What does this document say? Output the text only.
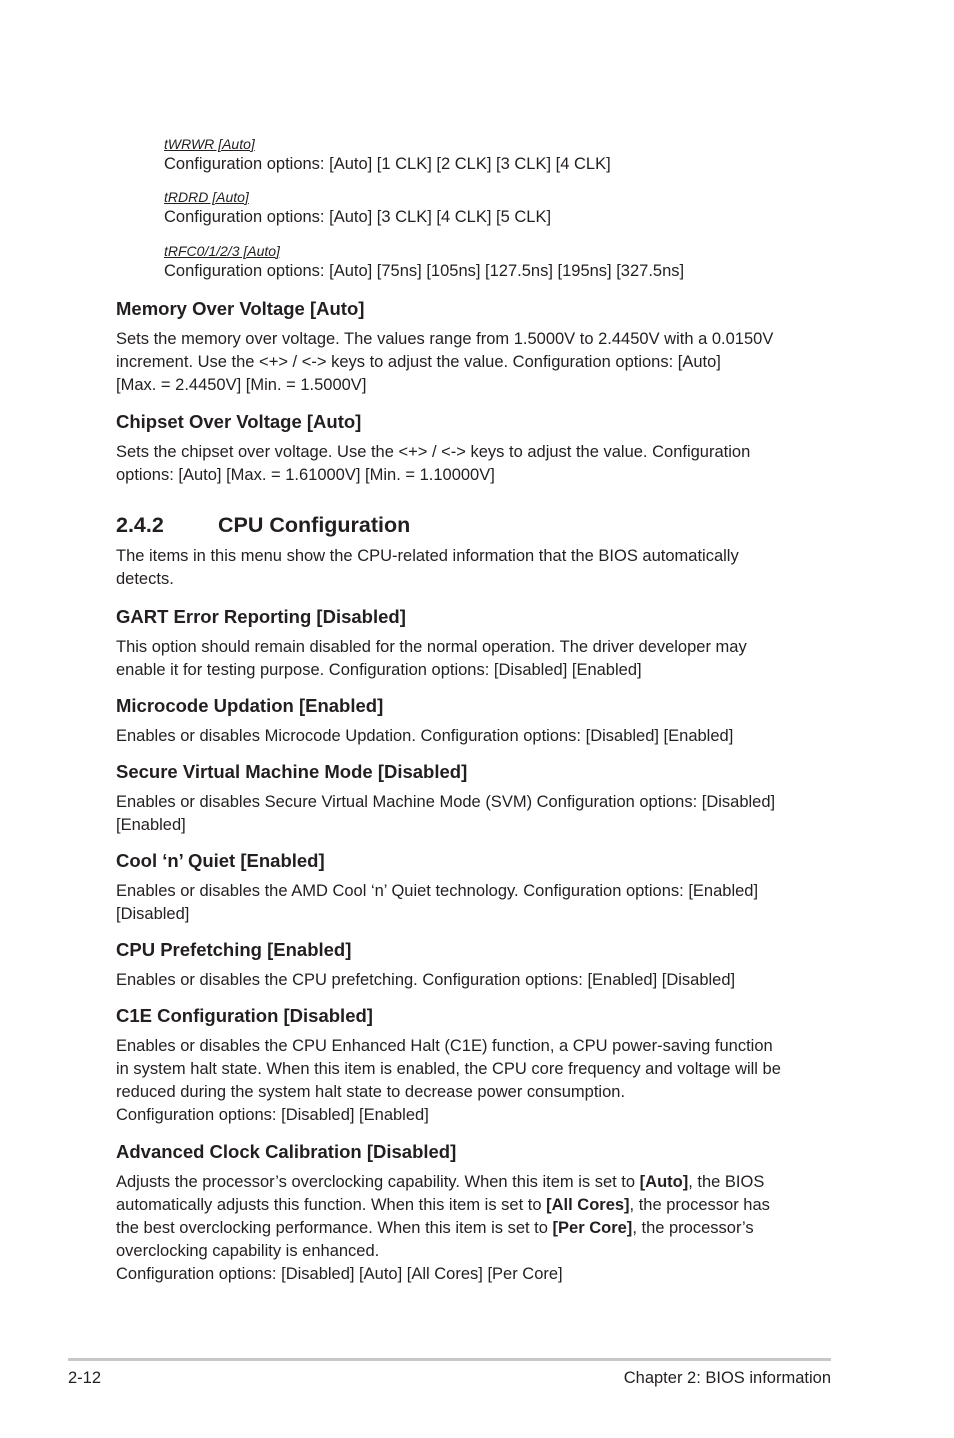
tWRWR [Auto]
Configuration options: [Auto] [1 CLK] [2 CLK] [3 CLK] [4 CLK]
tRDRD [Auto]
Configuration options: [Auto] [3 CLK] [4 CLK] [5 CLK]
tRFC0/1/2/3 [Auto]
Configuration options: [Auto] [75ns] [105ns] [127.5ns] [195ns] [327.5ns]
Memory Over Voltage [Auto]
Sets the memory over voltage. The values range from 1.5000V to 2.4450V with a 0.0150V
increment. Use the <+> / <-> keys to adjust the value. Configuration options: [Auto]
[Max. = 2.4450V] [Min. = 1.5000V]
Chipset Over Voltage [Auto]
Sets the chipset over voltage. Use the <+> / <-> keys to adjust the value. Configuration
options: [Auto] [Max. = 1.61000V] [Min. = 1.10000V]
2.4.2	CPU Configuration
The items in this menu show the CPU-related information that the BIOS automatically
detects.
GART Error Reporting [Disabled]
This option should remain disabled for the normal operation. The driver developer may
enable it for testing purpose. Configuration options: [Disabled] [Enabled]
Microcode Updation [Enabled]
Enables or disables Microcode Updation. Configuration options: [Disabled] [Enabled]
Secure Virtual Machine Mode [Disabled]
Enables or disables Secure Virtual Machine Mode (SVM) Configuration options: [Disabled]
[Enabled]
Cool ‘n’ Quiet [Enabled]
Enables or disables the AMD Cool ‘n’ Quiet technology. Configuration options: [Enabled]
[Disabled]
CPU Prefetching [Enabled]
Enables or disables the CPU prefetching. Configuration options: [Enabled] [Disabled]
C1E Configuration [Disabled]
Enables or disables the CPU Enhanced Halt (C1E) function, a CPU power-saving function
in system halt state. When this item is enabled, the CPU core frequency and voltage will be
reduced during the system halt state to decrease power consumption.
Configuration options: [Disabled] [Enabled]
Advanced Clock Calibration [Disabled]
Adjusts the processor’s overclocking capability. When this item is set to [Auto], the BIOS
automatically adjusts this function. When this item is set to [All Cores], the processor has
the best overclocking performance. When this item is set to [Per Core], the processor’s
overclocking capability is enhanced.
Configuration options: [Disabled] [Auto] [All Cores] [Per Core]
2-12	Chapter 2: BIOS information
